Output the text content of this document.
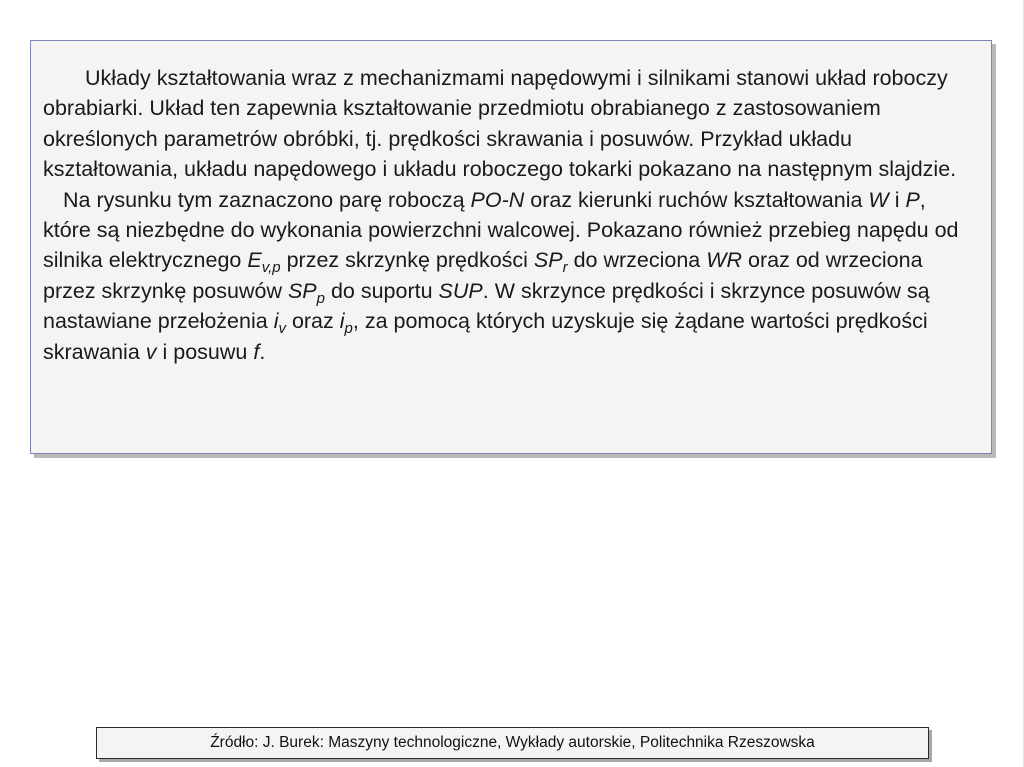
Układy kształtowania wraz z mechanizmami napędowymi i silnikami stanowi układ roboczy obrabiarki. Układ ten zapewnia kształtowanie przedmiotu obrabianego z zastosowaniem określonych parametrów obróbki, tj. prędkości skrawania i posuwów. Przykład układu kształtowania, układu napędowego i układu roboczego tokarki pokazano na następnym slajdzie.

Na rysunku tym zaznaczono parę roboczą PO-N oraz kierunki ruchów kształtowania W i P, które są niezbędne do wykonania powierzchni walcowej. Pokazano również przebieg napędu od silnika elektrycznego $E_{v,p}$ przez skrzynkę prędkości $SP_r$ do wrzeciona WR oraz od wrzeciona przez skrzynkę posuwów $SP_p$ do suportu SUP. W skrzynce prędkości i skrzynce posuwów są nastawiane przełożenia $i_v$ oraz $i_p$, za pomocą których uzyskuje się żądane wartości prędkości skrawania v i posuwu f.

Źródło: J. Burek: Maszyny technologiczne, Wykłady autorskie, Politechnika Rzeszowska
